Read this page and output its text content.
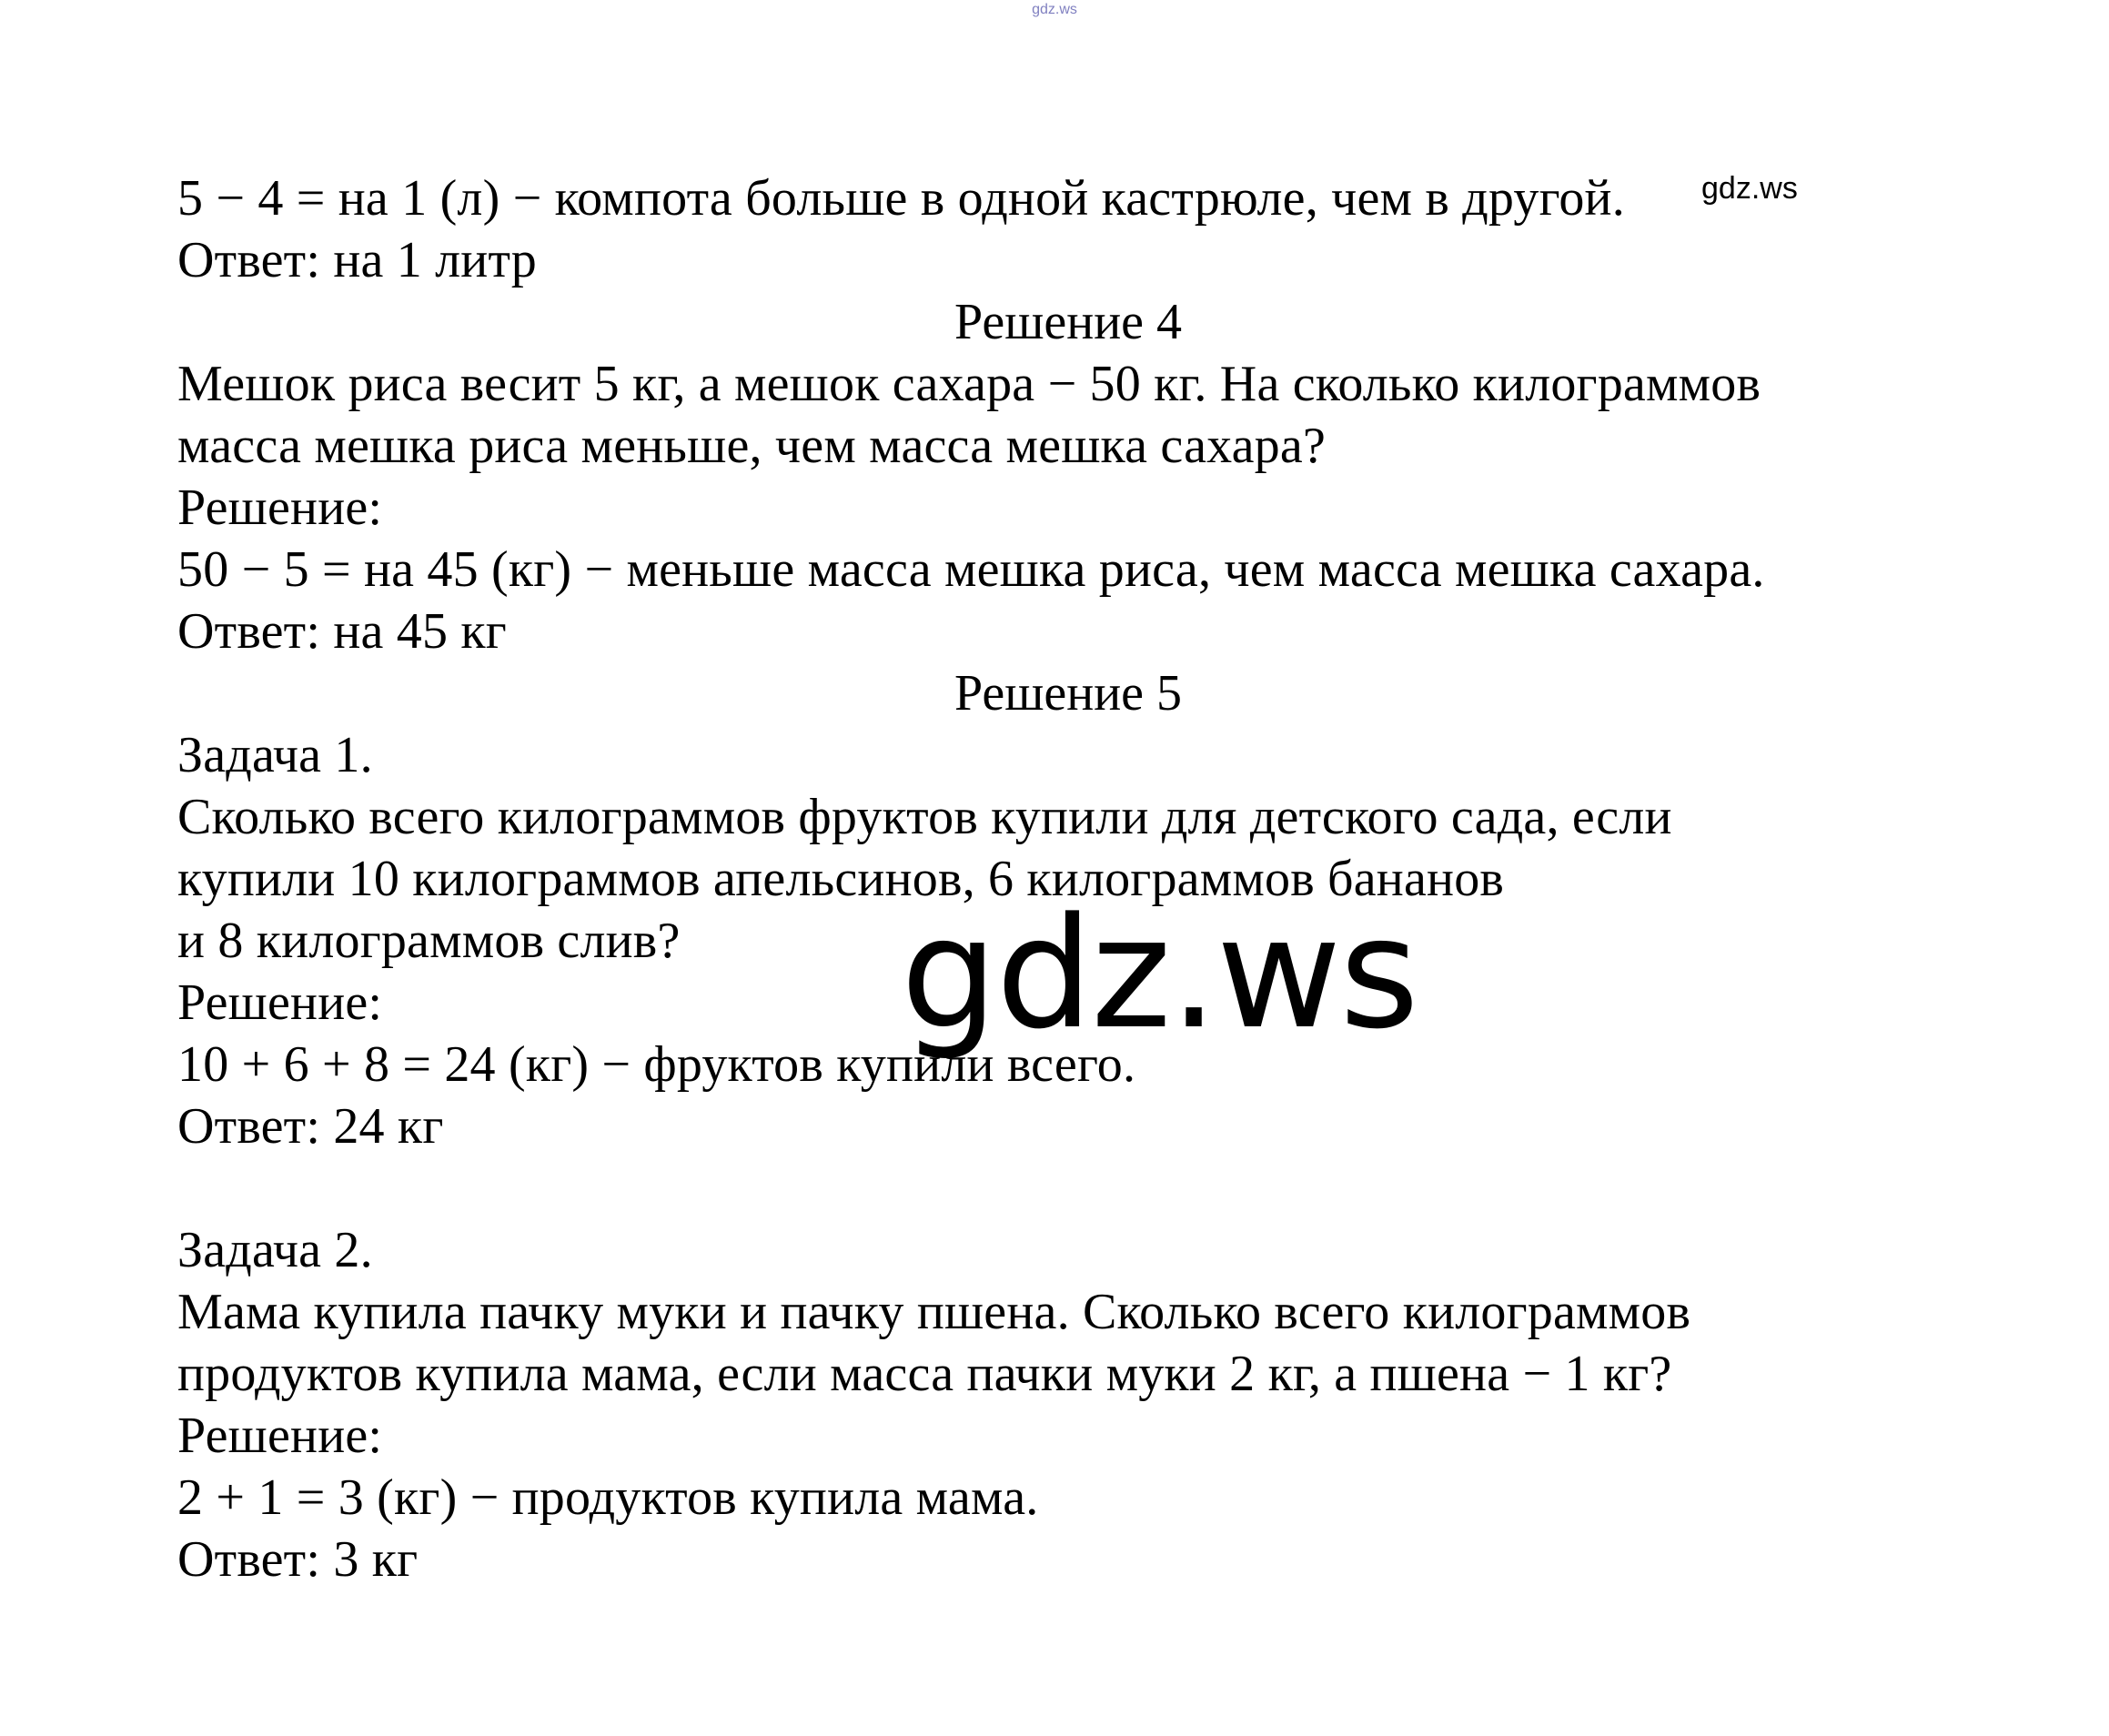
gdz.ws
5 − 4 = на 1 (л) − компота больше в одной кастрюле, чем в другой. gdz.ws
Ответ: на 1 литр
Решение 4
Мешок риса весит 5 кг, а мешок сахара − 50 кг. На сколько килограммов
масса мешка риса меньше, чем масса мешка сахара?
Решение:
50 − 5 = на 45 (кг) − меньше масса мешка риса, чем масса мешка сахара.
Ответ: на 45 кг
Решение 5
Задача 1.
Сколько всего килограммов фруктов купили для детского сада, если
купили 10 килограммов апельсинов, 6 килограммов бананов
и 8 килограммов слив?
Решение:
10 + 6 + 8 = 24 (кг) − фруктов купили всего.
Ответ: 24 кг
Задача 2.
Мама купила пачку муки и пачку пшена. Сколько всего килограммов
продуктов купила мама, если масса пачки муки 2 кг, а пшена − 1 кг?
Решение:
2 + 1 = 3 (кг) − продуктов купила мама.
Ответ: 3 кг
gdz.ws
